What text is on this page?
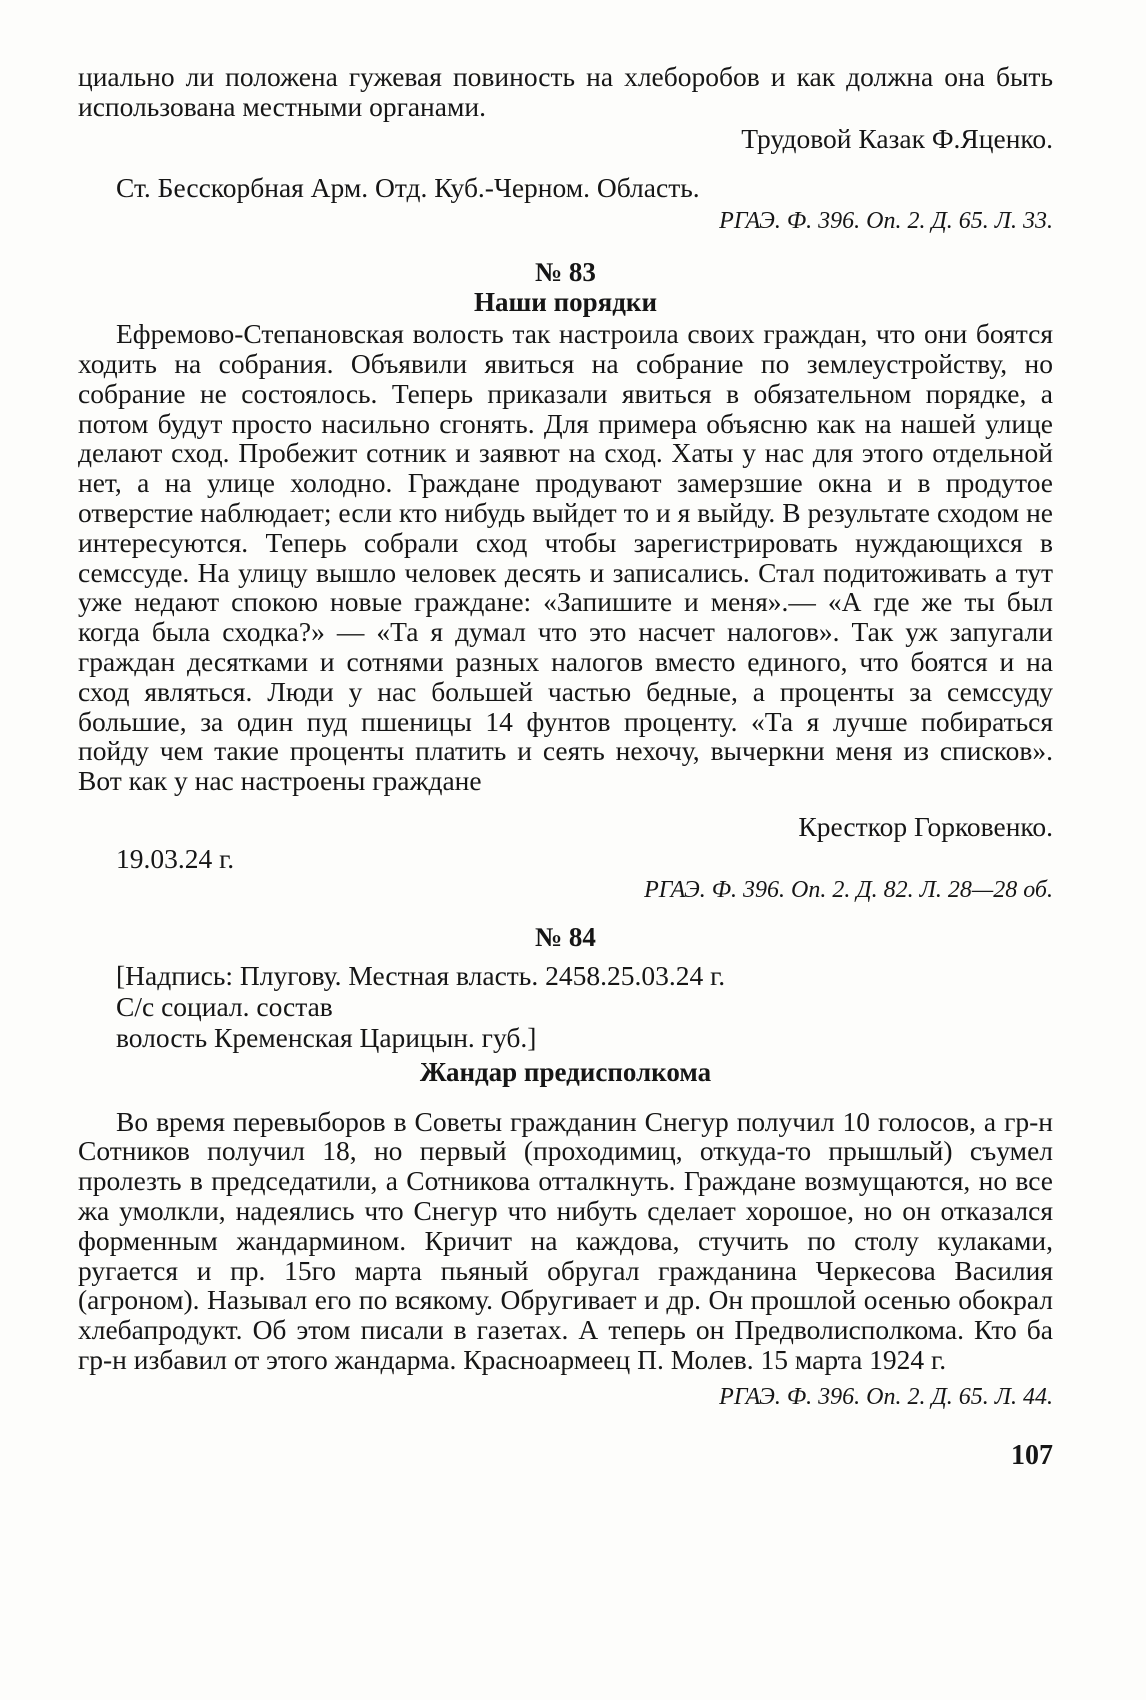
циально ли положена гужевая повиность на хлеборобов и как должна она быть использована местными органами.

Трудовой Казак Ф.Яценко.

Ст. Бесскорбная Арм. Отд. Куб.-Черном. Область.

РГАЭ. Ф. 396. Оп. 2. Д. 65. Л. 33.

№ 83

Наши порядки

Ефремово-Степановская волость так настроила своих граждан, что они боятся ходить на собрания. Объявили явиться на собрание по землеустройству, но собрание не состоялось. Теперь приказали явиться в обязательном порядке, а потом будут просто насильно сгонять. Для примера объясню как на нашей улице делают сход. Пробежит сотник и заявют на сход. Хаты у нас для этого отдельной нет, а на улице холодно. Граждане продувают замерзшие окна и в продутое отверстие наблюдает; если кто нибудь выйдет то и я выйду. В результате сходом не интересуются. Теперь собрали сход чтобы зарегистрировать нуждающихся в семссуде. На улицу вышло человек десять и записались. Стал подитоживать а тут уже недают спокою новые граждане: «Запишите и меня».— «А где же ты был когда была сходка?» — «Та я думал что это насчет налогов». Так уж запугали граждан десятками и сотнями разных налогов вместо единого, что боятся и на сход являться. Люди у нас большей частью бедные, а проценты за семссуду большие, за один пуд пшеницы 14 фунтов проценту. «Та я лучше побираться пойду чем такие проценты платить и сеять нехочу, вычеркни меня из списков». Вот как у нас настроены граждане

Кресткор Горковенко.

19.03.24 г.

РГАЭ. Ф. 396. Оп. 2. Д. 82. Л. 28—28 об.

№ 84

[Надпись: Плугову. Местная власть. 2458.25.03.24 г.
С/с социал. состав
волость Кременская Царицын. губ.]

Жандар предисполкома

Во время перевыборов в Советы гражданин Снегур получил 10 голосов, а гр-н Сотников получил 18, но первый (проходимиц, откуда-то прышлый) съумел пролезть в председатили, а Сотникова отталкнуть. Граждане возмущаются, но все жа умолкли, надеялись что Снегур что нибуть сделает хорошое, но он отказался форменным жандармином. Кричит на каждова, стучить по столу кулаками, ругается и пр. 15го марта пьяный обругал гражданина Черкесова Василия (агроном). Называл его по всякому. Обругивает и др. Он прошлой осенью обокрал хлебапродукт. Об этом писали в газетах. А теперь он Предволисполкома. Кто ба гр-н избавил от этого жандарма. Красноармеец П. Молев. 15 марта 1924 г.

РГАЭ. Ф. 396. Оп. 2. Д. 65. Л. 44.

107
